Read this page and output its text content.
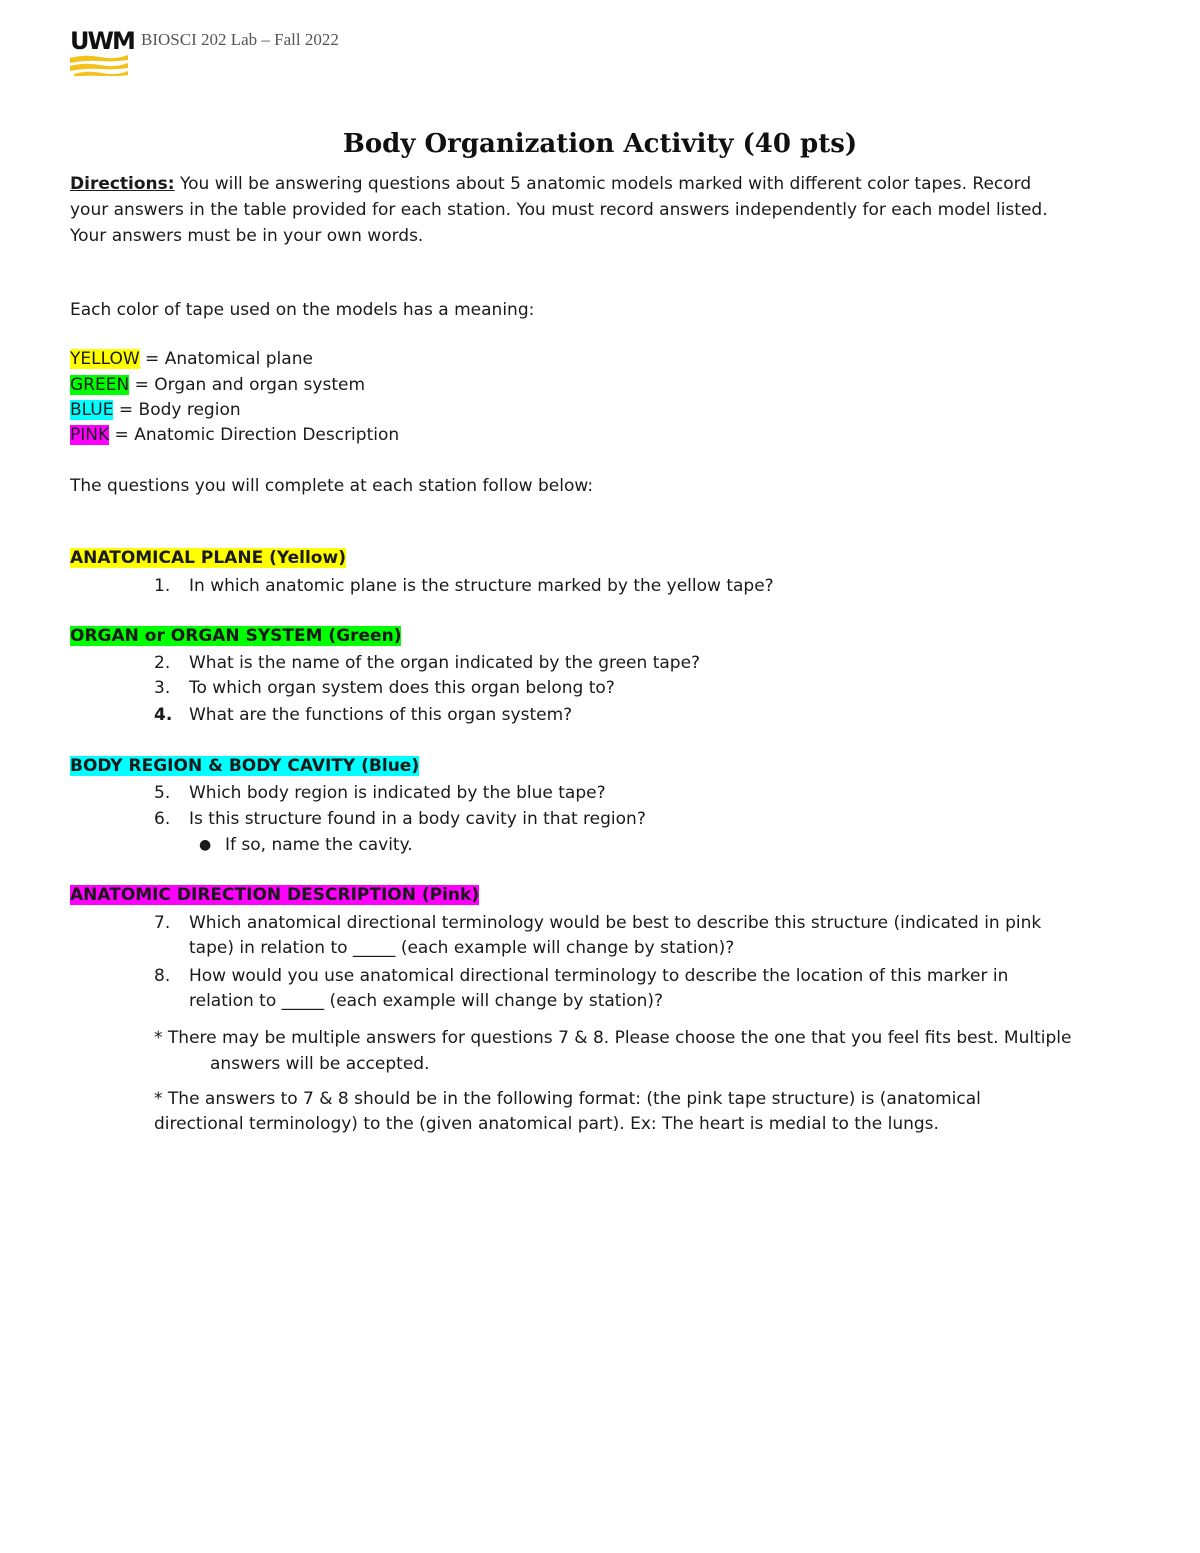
UWM BIOSCI 202 Lab – Fall 2022
Body Organization Activity (40 pts)
Directions: You will be answering questions about 5 anatomic models marked with different color tapes. Record
your answers in the table provided for each station. You must record answers independently for each model listed.
Your answers must be in your own words.
Each color of tape used on the models has a meaning:
YELLOW = Anatomical plane
GREEN = Organ and organ system
BLUE = Body region
PINK = Anatomic Direction Description
The questions you will complete at each station follow below:
ANATOMICAL PLANE (Yellow)
1. In which anatomic plane is the structure marked by the yellow tape?
ORGAN or ORGAN SYSTEM (Green)
2. What is the name of the organ indicated by the green tape?
3. To which organ system does this organ belong to?
4. What are the functions of this organ system?
BODY REGION & BODY CAVITY (Blue)
5. Which body region is indicated by the blue tape?
6. Is this structure found in a body cavity in that region?
● If so, name the cavity.
ANATOMIC DIRECTION DESCRIPTION (Pink)
7. Which anatomical directional terminology would be best to describe this structure (indicated in pink
tape) in relation to _____ (each example will change by station)?
8. How would you use anatomical directional terminology to describe the location of this marker in
relation to _____ (each example will change by station)?
* There may be multiple answers for questions 7 & 8. Please choose the one that you feel fits best. Multiple
answers will be accepted.
* The answers to 7 & 8 should be in the following format: (the pink tape structure) is (anatomical
directional terminology) to the (given anatomical part). Ex: The heart is medial to the lungs.
